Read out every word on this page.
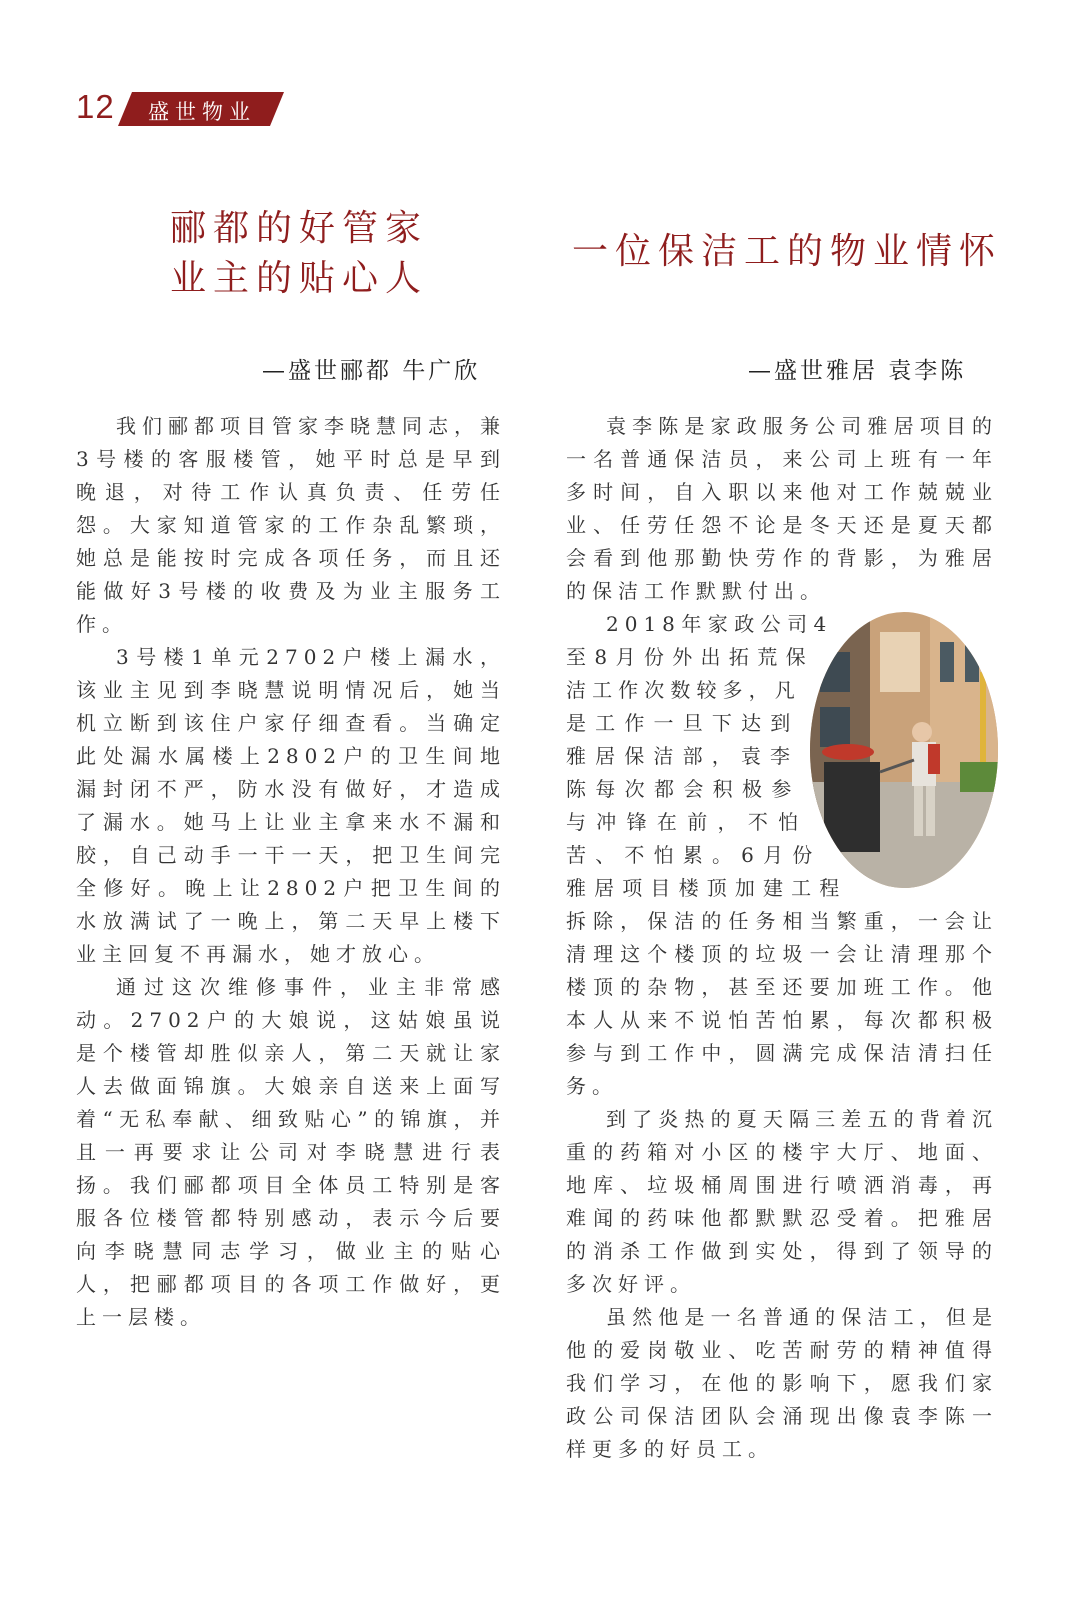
12 盛世物业
郦都的好管家
业主的贴心人
一位保洁工的物业情怀
—盛世郦都 牛广欣	—盛世雅居 袁李陈

我们郦都项目管家李晓慧同志，兼3号楼的客服楼管，她平时总是早到晚退，对待工作认真负责、任劳任怨。大家知道管家的工作杂乱繁琐，她总是能按时完成各项任务，而且还能做好3号楼的收费及为业主服务工作。

3号楼1单元2702户楼上漏水，该业主见到李晓慧说明情况后，她当机立断到该住户家仔细查看。当确定此处漏水属楼上2802户的卫生间地漏封闭不严，防水没有做好，才造成了漏水。她马上让业主拿来水不漏和胶，自己动手一干一天，把卫生间完全修好。晚上让2802户把卫生间的水放满试了一晚上，第二天早上楼下业主回复不再漏水，她才放心。

通过这次维修事件，业主非常感动。2702户的大娘说，这姑娘虽说是个楼管却胜似亲人，第二天就让家人去做面锦旗。大娘亲自送来上面写着“无私奉献、细致贴心”的锦旗，并且一再要求让公司对李晓慧进行表扬。我们郦都项目全体员工特别是客服各位楼管都特别感动，表示今后要向李晓慧同志学习，做业主的贴心人，把郦都项目的各项工作做好，更上一层楼。

袁李陈是家政服务公司雅居项目的一名普通保洁员，来公司上班有一年多时间，自入职以来他对工作兢兢业业、任劳任怨不论是冬天还是夏天都会看到他那勤快劳作的背影，为雅居的保洁工作默默付出。

2018年家政公司4至8月份外出拓荒保洁工作次数较多，凡是工作一旦下达到雅居保洁部，袁李陈每次都会积极参与冲锋在前，不怕苦、不怕累。6月份雅居项目楼顶加建工程拆除，保洁的任务相当繁重，一会让清理这个楼顶的垃圾一会让清理那个楼顶的杂物，甚至还要加班工作。他本人从来不说怕苦怕累，每次都积极参与到工作中，圆满完成保洁清扫任务。

到了炎热的夏天隔三差五的背着沉重的药箱对小区的楼宇大厅、地面、地库、垃圾桶周围进行喷洒消毒，再难闻的药味他都默默忍受着。把雅居的消杀工作做到实处，得到了领导的多次好评。

虽然他是一名普通的保洁工，但是他的爱岗敬业、吃苦耐劳的精神值得我们学习，在他的影响下，愿我们家政公司保洁团队会涌现出像袁李陈一样更多的好员工。
